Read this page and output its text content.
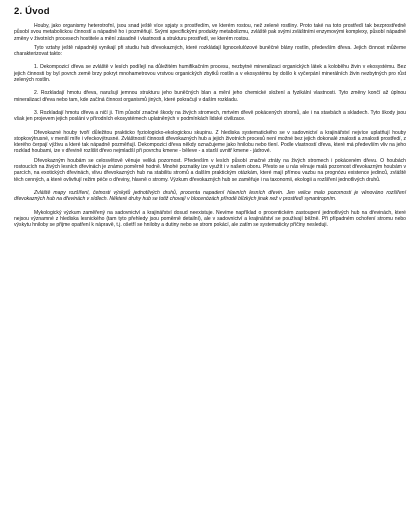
2. Úvod

Houby, jako organismy heterotrofní, jsou snad ještě více spjaty s prostředím, ve kterém rostou, než zelené rostliny. Proto také na toto prostředí tak bezprostředně působí svou metabolickou činností a nápadně ho i pozměňují. Svými specifickými produkty metabolizmu, zvláště pak svými zvláštními enzymovými komplexy, působí nápadně změny v životních procesech hostitele a mění zásadně i vlastnosti a strukturu prostředí, ve kterém rostou.

Tyto vztahy ještě nápadněji vynikají při studiu hub dřevokazných, které rozkládají lignocelulózové buněčné blány rostlin, především dřeva. Jejich činnost můžeme charakterizovat takto:

1. Dekompozicí dřeva se zvláště v lesích podílejí na důležitém humifikačním procesu, nezbytné mineralizaci organických látek a koloběhu živin v ekosystému. Bez jejich činnosti by byl povrch země brzy pokryt mnohametrovou vrstvou organických zbytků rostlin a v ekosystému by došlo k vyčerpání minerálních živin nezbytných pro růst zelených rostlin.

2. Rozkladají hmotu dřeva, narušují jemnou strukturu jeho buněčných blan a mění jeho chemické složení a fyzikální vlastnosti. Tyto změny končí až úplnou mineralizací dřeva nebo tam, kde začíná činnost organismů jiných, které pokračují v daším rozkladu.

3. Rozkladají hmotu dřeva a ničí ji. Tím působí značné škody na živých stromech, mrtvém dřevě pokácených stromů, ale i na stavbách a skladech. Tyto škody jsou však jen projevem jejich posláni v přírodních ekosystémech uplatněných v podmínkách lidské civilizace.

Dřevokazné houby tvoří důležitou prakticko fyziologicko-ekologickou skupinu. Z hlediska systematického se v sadovnictví a krajinářství nejvíce uplatňují houby stopkovýtrusné, v menší míře i vřeckovýtrusné. Zvláštností činnosti dřevokazných hub a jejich životních procesů není možné bez jejich dokonalé znalosti a znalosti prostředí, z kterého čerpají výživu a které tak nápadně pozměňují. Dekompozici dřeva někdy označujeme jako hnilobu nebo tlení. Podle vlastností dřeva, které má především vliv na jeho rozklad houbami, ize v dřevině rozlišit dřevo nejmladší při povrchu kmene - běleve - a starší uvnitř kmene - jádrové.

Dřevokazným houbám se celosvětově věnuje veliká pozornost. Především v lesích působí značné ztráty na živých stromech i pokáceném dřevu. O houbách rostoucích na živých lesních dřevinách je známo poměrně hodně. Mnohé poznatky ize využít i v našem oboru. Přesto se u nás věnuje malá pozornost dřevokazným houbám v parcích, na exotických dřevinách, vlivu dřevokazných hub na stabilitu stromů a dalším praktickým otázkám, které mají přímou vazbu na prognózu existence jedinců, zvláště těch cenných, a které ovlivňují režim péče o dřeviny, hlavně o stromy. Výzkum dřevokazných hub se zaměřuje i na taxonomii, ekologii a rozšíření jednotlivých druhů.

Zvláště mapy rozšíření, četnosti výskytů jednotlivých druhů, procenta napadení hlavních lesních dřevin. Jen velice malo pozornosti je věnováno rozšíření dřevokazných hub na dřevinách v sídlech. Některé druhy hub se totiž chovají v blocenózách přírodě blízkých jinak než v prostředí synantropním.

Mykologický výzkum zaměřený na sadovnictví a krajinářství dosud neexistuje. Nevíme například o procentickém zastoupení jednotlivých hub na dřevinách, které nejsou významné z hlediska lesnického (tam tyto přehledy jsou poměrně detailní), ale v sadovnictví a krajinářství se používají běžně. Při případném ochoření stromu nebo výskytu hniloby se přijme opatření k nápravě, t.j. ošetří se hniloby a dutiny nebo se strom pokácí, ale zatím se systematicky příčiny nesleduji.
